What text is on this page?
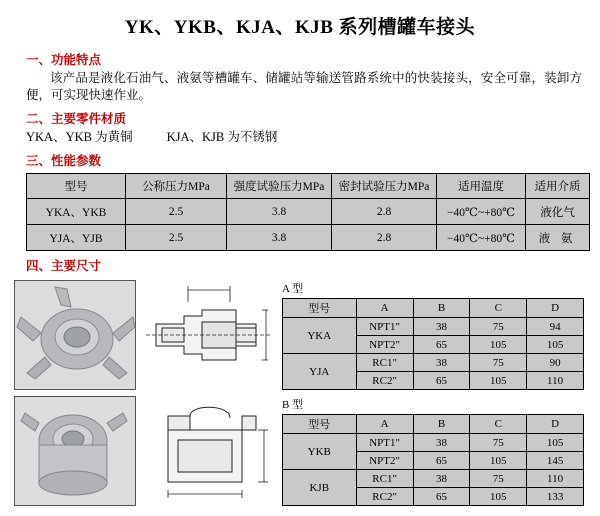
YK、YKB、KJA、KJB 系列槽罐车接头
一、功能特点
该产品是液化石油气、液氨等槽罐车、储罐站等输送管路系统中的快装接头，安全可靠，装卸方便，可实现快速作业。
二、主要零件材质
YKA、YKB 为黄铜	KJA、KJB 为不锈钢
三、性能参数
型号	公称压力MPa	强度试验压力MPa	密封试验压力MPa	适用温度	适用介质
YKA、YKB	2.5	3.8	2.8	−40℃~+80℃	液化气
YJA、YJB	2.5	3.8	2.8	−40℃~+80℃	液 氨
四、主要尺寸
A 型
型号	A	B	C	D
YKA	NPT1"	38	75	94
	NPT2"	65	105	105
YJA	RC1"	38	75	90
	RC2"	65	105	110
B 型
型号	A	B	C	D
YKB	NPT1"	38	75	105
	NPT2"	65	105	145
KJB	RC1"	38	75	110
	RC2"	65	105	133
